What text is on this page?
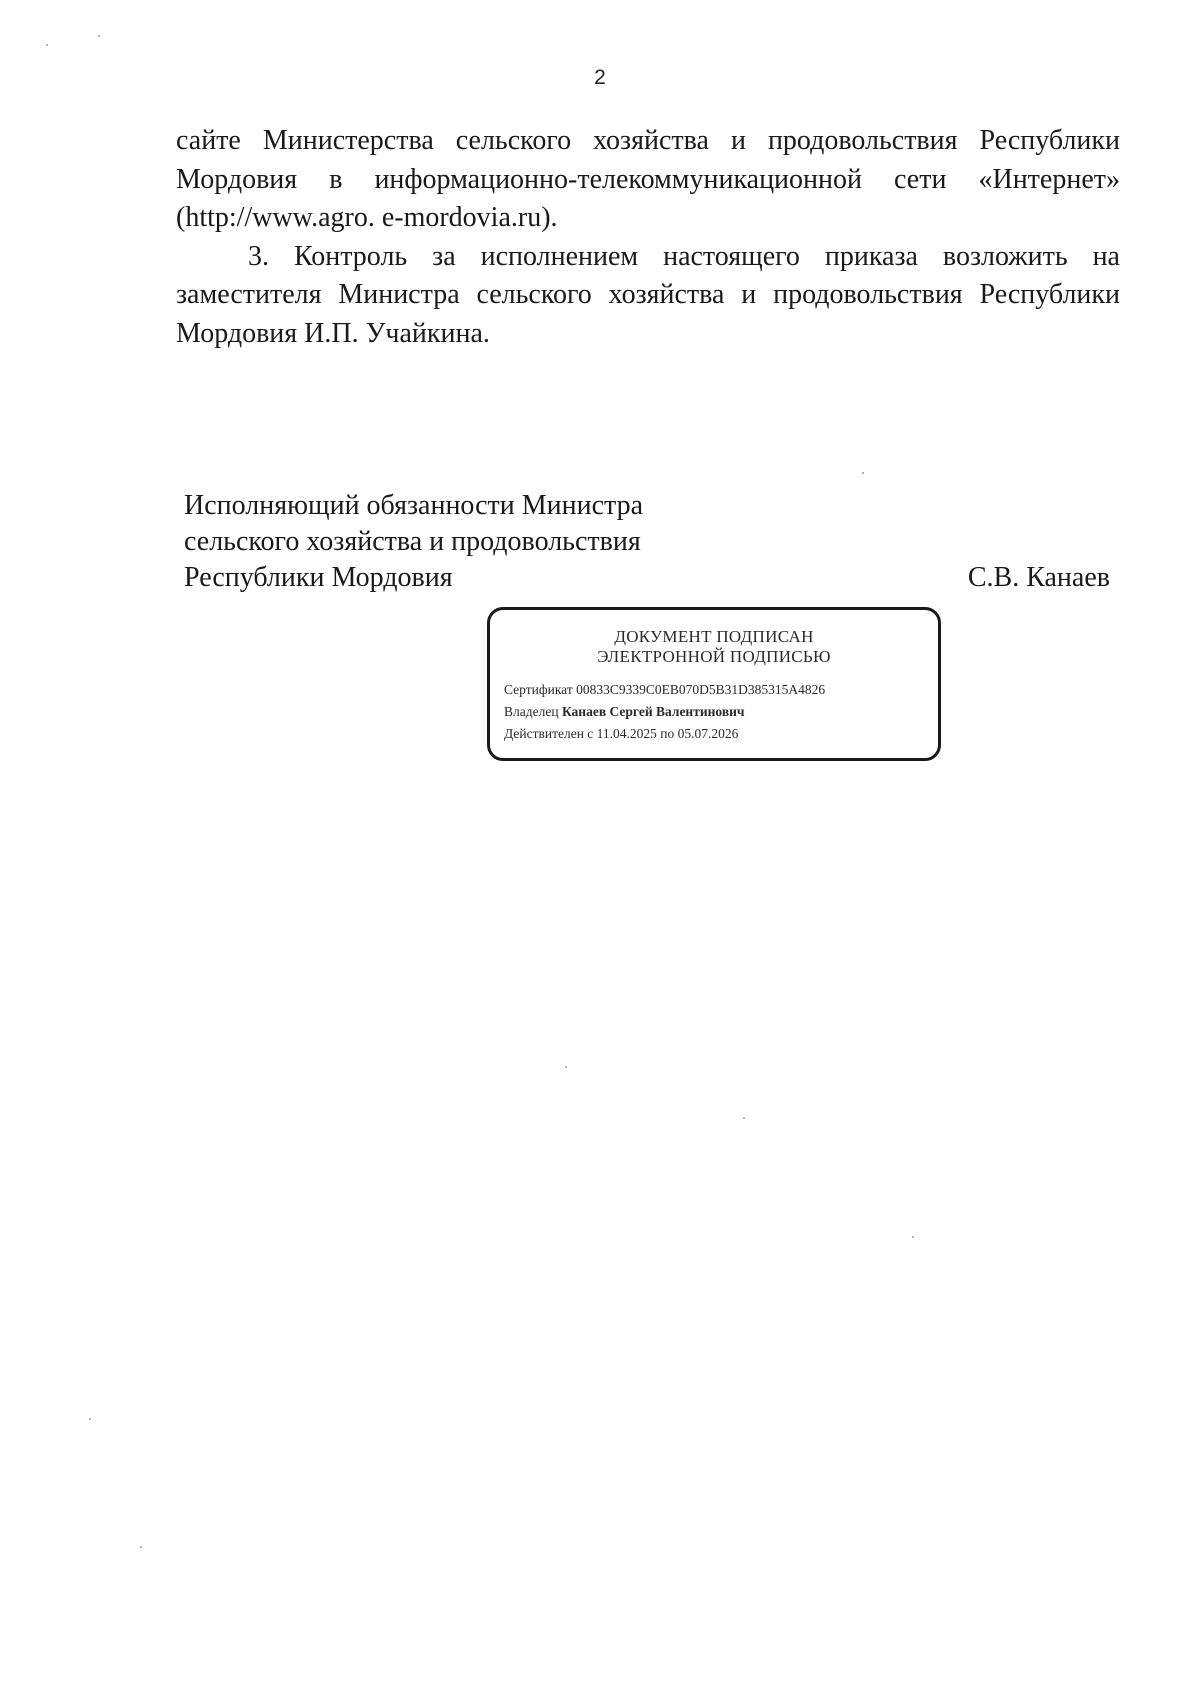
2

сайте Министерства сельского хозяйства и продовольствия Республики
Мордовия в информационно-телекоммуникационной сети «Интернет»
(http://www.agro. e-mordovia.ru).

3. Контроль за исполнением настоящего приказа возложить на
заместителя Министра сельского хозяйства и продовольствия Республики
Мордовия И.П. Учайкина.

Исполняющий обязанности Министра
сельского хозяйства и продовольствия
Республики Мордовия	С.В. Канаев
ДОКУМЕНТ ПОДПИСАН
ЭЛЕКТРОННОЙ ПОДПИСЬЮ
Сертификат 00833C9339C0EB070D5B31D385315A4826
Владелец Канаев Сергей Валентинович
Действителен с 11.04.2025 по 05.07.2026
